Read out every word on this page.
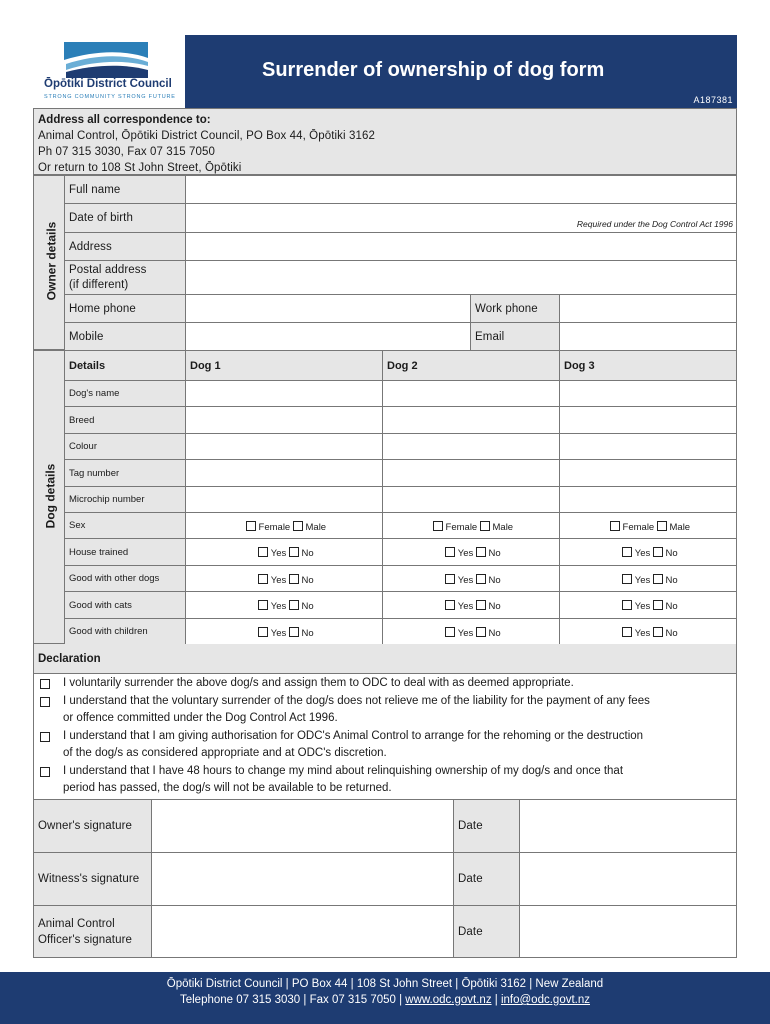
Ōpōtiki District Council
STRONG COMMUNITY STRONG FUTURE
Surrender of ownership of dog form
A187381
Address all correspondence to:
Animal Control, Ōpōtiki District Council, PO Box 44, Ōpōtiki 3162
Ph 07 315 3030, Fax 07 315 7050
Or return to 108 St John Street, Ōpōtiki
Owner details
Full name			
Date of birth	Required under the Dog Control Act 1996		

Address			
Postal address
(if different)			
Home phone		Work phone	
Mobile		Email	
Dog details
Details	Dog 1	Dog 2	Dog 3
Dog's name			
Breed			
Colour			
Tag number			
Microchip number			
Sex	Female Male	Female Male	Female Male
House trained	Yes No	Yes No	Yes No
Good with other dogs	Yes No	Yes No	Yes No
Good with cats	Yes No	Yes No	Yes No
Good with children	Yes No	Yes No	Yes No
Declaration
I voluntarily surrender the above dog/s and assign them to ODC to deal with as deemed appropriate.
I understand that the voluntary surrender of the dog/s does not relieve me of the liability for the payment of any fees
or offence committed under the Dog Control Act 1996.
I understand that I am giving authorisation for ODC's Animal Control to arrange for the rehoming or the destruction
of the dog/s as considered appropriate and at ODC's discretion.
I understand that I have 48 hours to change my mind about relinquishing ownership of my dog/s and once that
period has passed, the dog/s will not be available to be returned.
Owner's signature		Date	
Witness's signature		Date	
Animal Control
Officer's signature		Date	
Ōpōtiki District Council | PO Box 44 | 108 St John Street | Ōpōtiki 3162 | New Zealand
Telephone 07 315 3030 | Fax 07 315 7050 | www.odc.govt.nz | info@odc.govt.nz
